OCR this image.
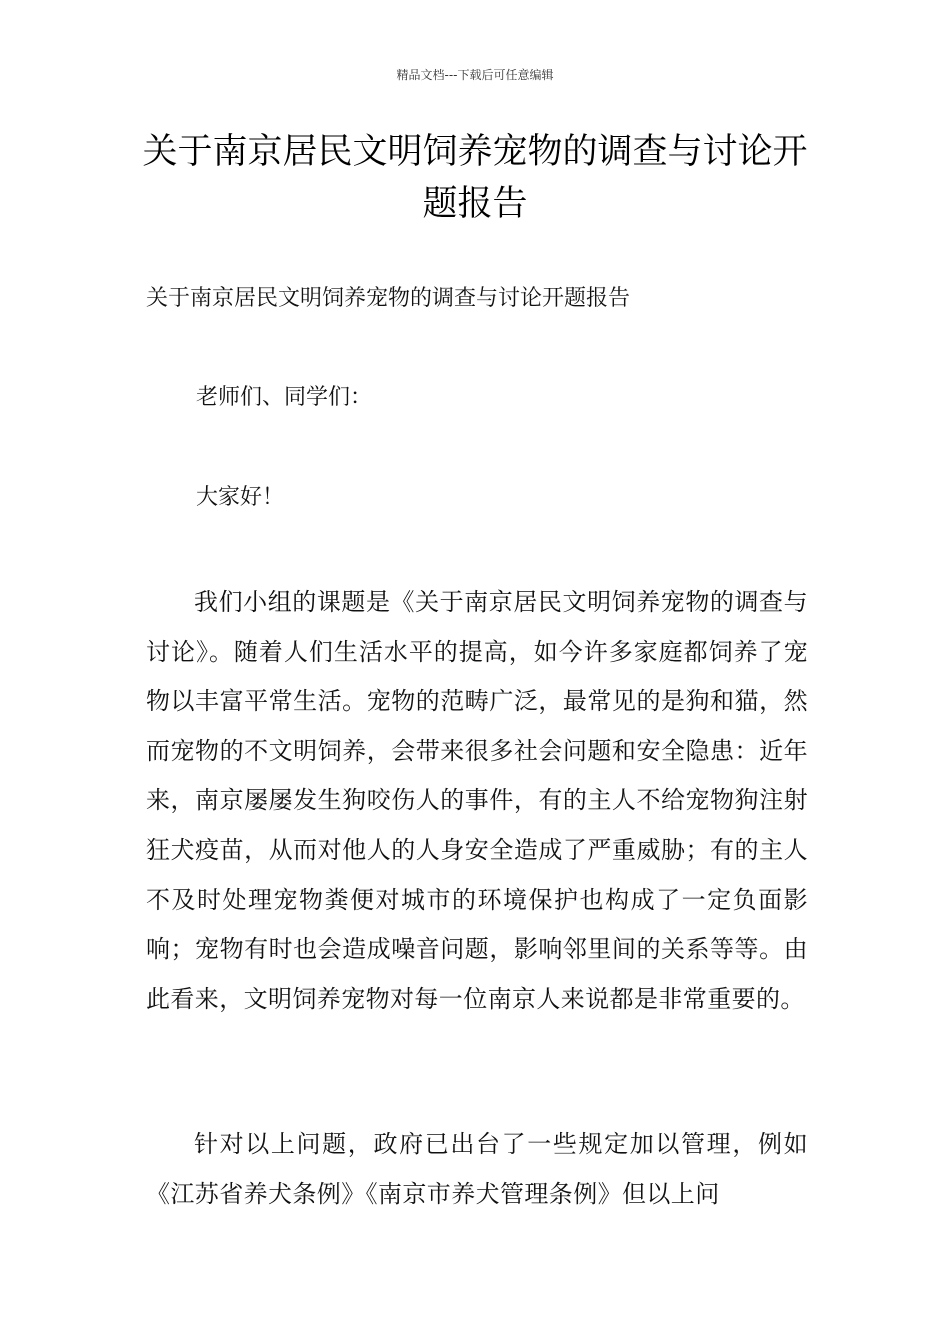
精品文档---下载后可任意编辑
关于南京居民文明饲养宠物的调查与讨论开题报告
关于南京居民文明饲养宠物的调查与讨论开题报告
老师们、同学们：
大家好！
我们小组的课题是《关于南京居民文明饲养宠物的调查与讨论》。随着人们生活水平的提高，如今许多家庭都饲养了宠物以丰富平常生活。宠物的范畴广泛，最常见的是狗和猫，然而宠物的不文明饲养，会带来很多社会问题和安全隐患：近年来，南京屡屡发生狗咬伤人的事件，有的主人不给宠物狗注射狂犬疫苗，从而对他人的人身安全造成了严重威胁；有的主人不及时处理宠物粪便对城市的环境保护也构成了一定负面影响；宠物有时也会造成噪音问题，影响邻里间的关系等等。由此看来，文明饲养宠物对每一位南京人来说都是非常重要的。
针对以上问题，政府已出台了一些规定加以管理，例如《江苏省养犬条例》《南京市养犬管理条例》但以上问
